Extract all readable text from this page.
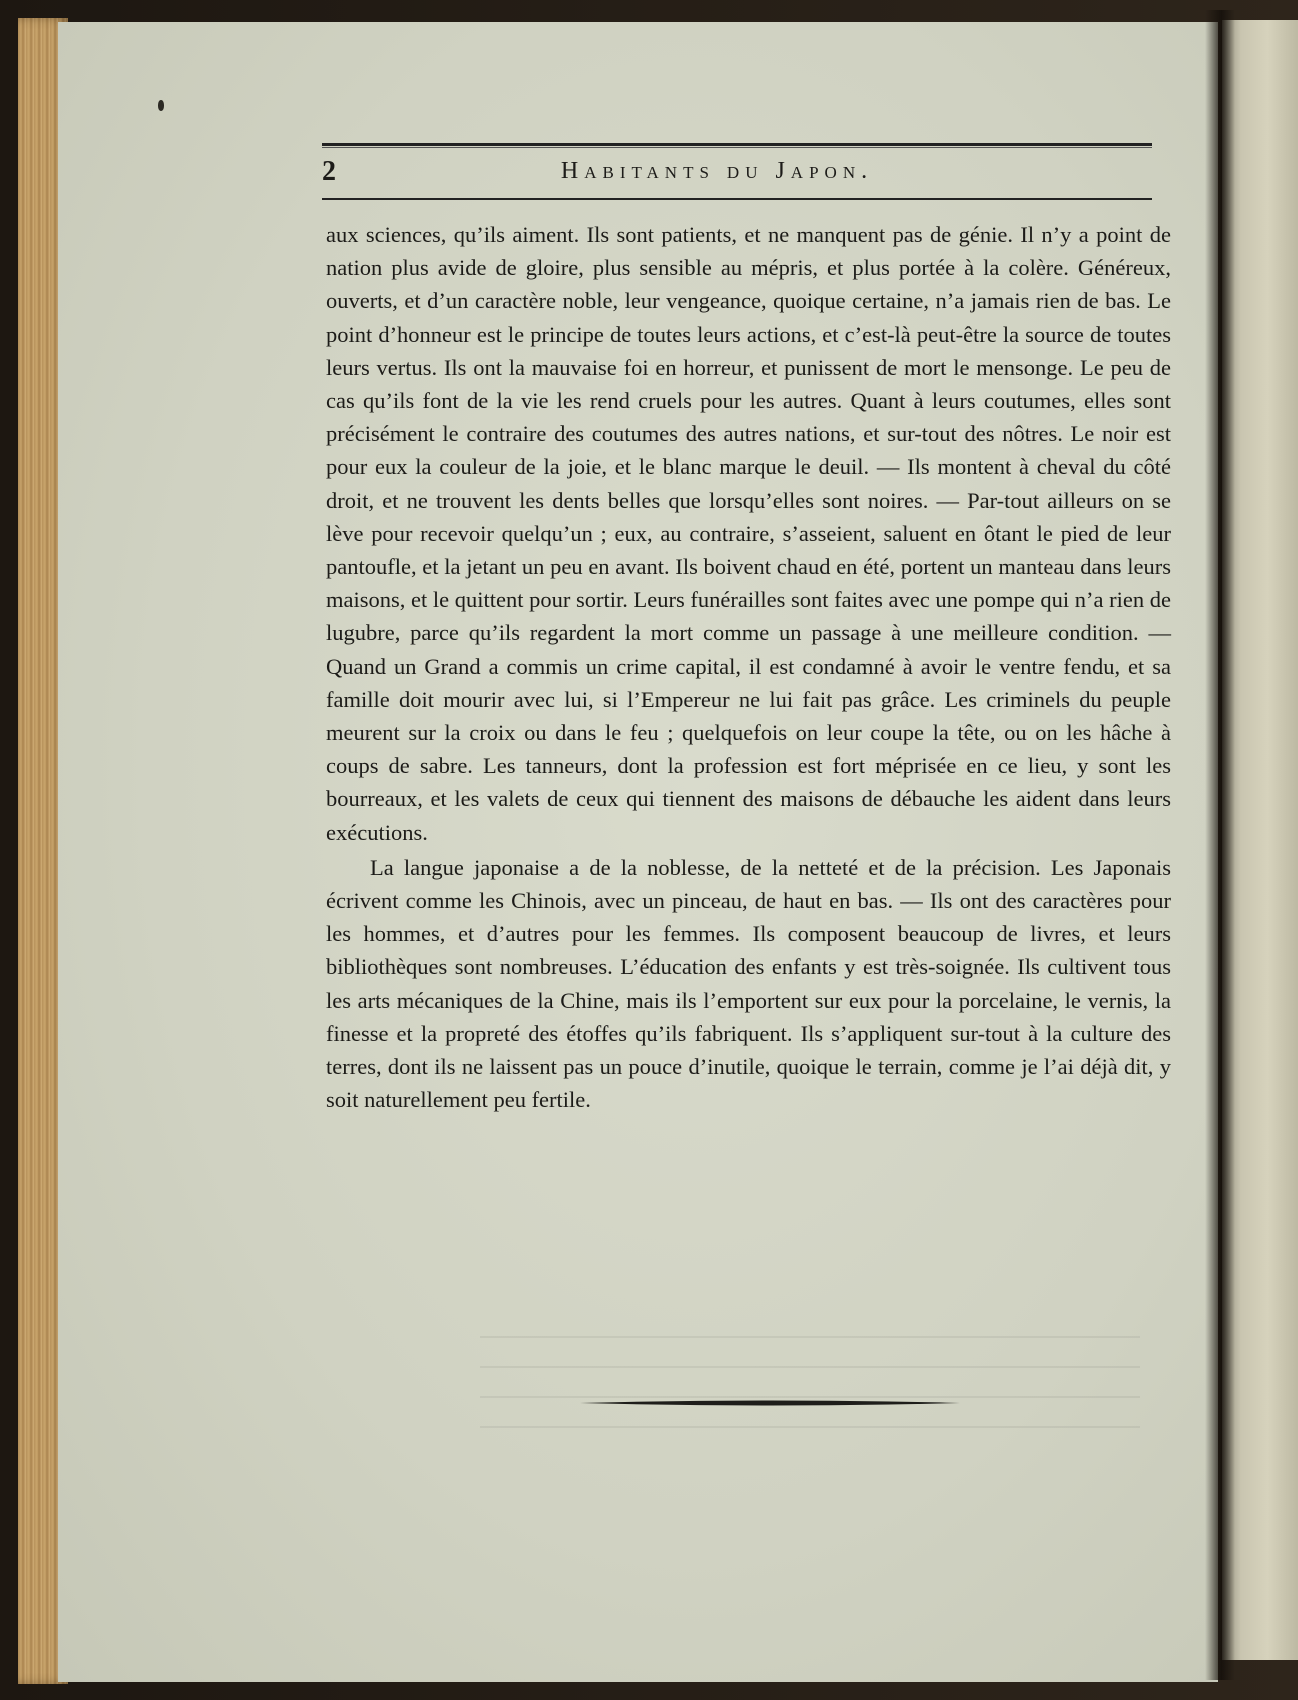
2	Habitants du Japon.

aux sciences, qu’ils aiment. Ils sont patients, et ne manquent pas de génie. Il n’y a point de nation plus avide de gloire, plus sensible au mépris, et plus portée à la colère. Généreux, ouverts, et d’un caractère noble, leur vengeance, quoique certaine, n’a jamais rien de bas. Le point d’honneur est le principe de toutes leurs actions, et c’est-là peut-être la source de toutes leurs vertus. Ils ont la mauvaise foi en horreur, et punissent de mort le mensonge. Le peu de cas qu’ils font de la vie les rend cruels pour les autres. Quant à leurs coutumes, elles sont précisément le contraire des coutumes des autres nations, et sur-tout des nôtres. Le noir est pour eux la couleur de la joie, et le blanc marque le deuil. — Ils montent à cheval du côté droit, et ne trouvent les dents belles que lorsqu’elles sont noires. — Par-tout ailleurs on se lève pour recevoir quelqu’un ; eux, au contraire, s’asseient, saluent en ôtant le pied de leur pantoufle, et la jetant un peu en avant. Ils boivent chaud en été, portent un manteau dans leurs maisons, et le quittent pour sortir. Leurs funérailles sont faites avec une pompe qui n’a rien de lugubre, parce qu’ils regardent la mort comme un passage à une meilleure condition. — Quand un Grand a commis un crime capital, il est condamné à avoir le ventre fendu, et sa famille doit mourir avec lui, si l’Empereur ne lui fait pas grâce. Les criminels du peuple meurent sur la croix ou dans le feu ; quelquefois on leur coupe la tête, ou on les hâche à coups de sabre. Les tanneurs, dont la profession est fort méprisée en ce lieu, y sont les bourreaux, et les valets de ceux qui tiennent des maisons de débauche les aident dans leurs exécutions.

La langue japonaise a de la noblesse, de la netteté et de la précision. Les Japonais écrivent comme les Chinois, avec un pinceau, de haut en bas. — Ils ont des caractères pour les hommes, et d’autres pour les femmes. Ils composent beaucoup de livres, et leurs bibliothèques sont nombreuses. L’éducation des enfants y est très-soignée. Ils cultivent tous les arts mécaniques de la Chine, mais ils l’emportent sur eux pour la porcelaine, le vernis, la finesse et la propreté des étoffes qu’ils fabriquent. Ils s’appliquent sur-tout à la culture des terres, dont ils ne laissent pas un pouce d’inutile, quoique le terrain, comme je l’ai déjà dit, y soit naturellement peu fertile.
